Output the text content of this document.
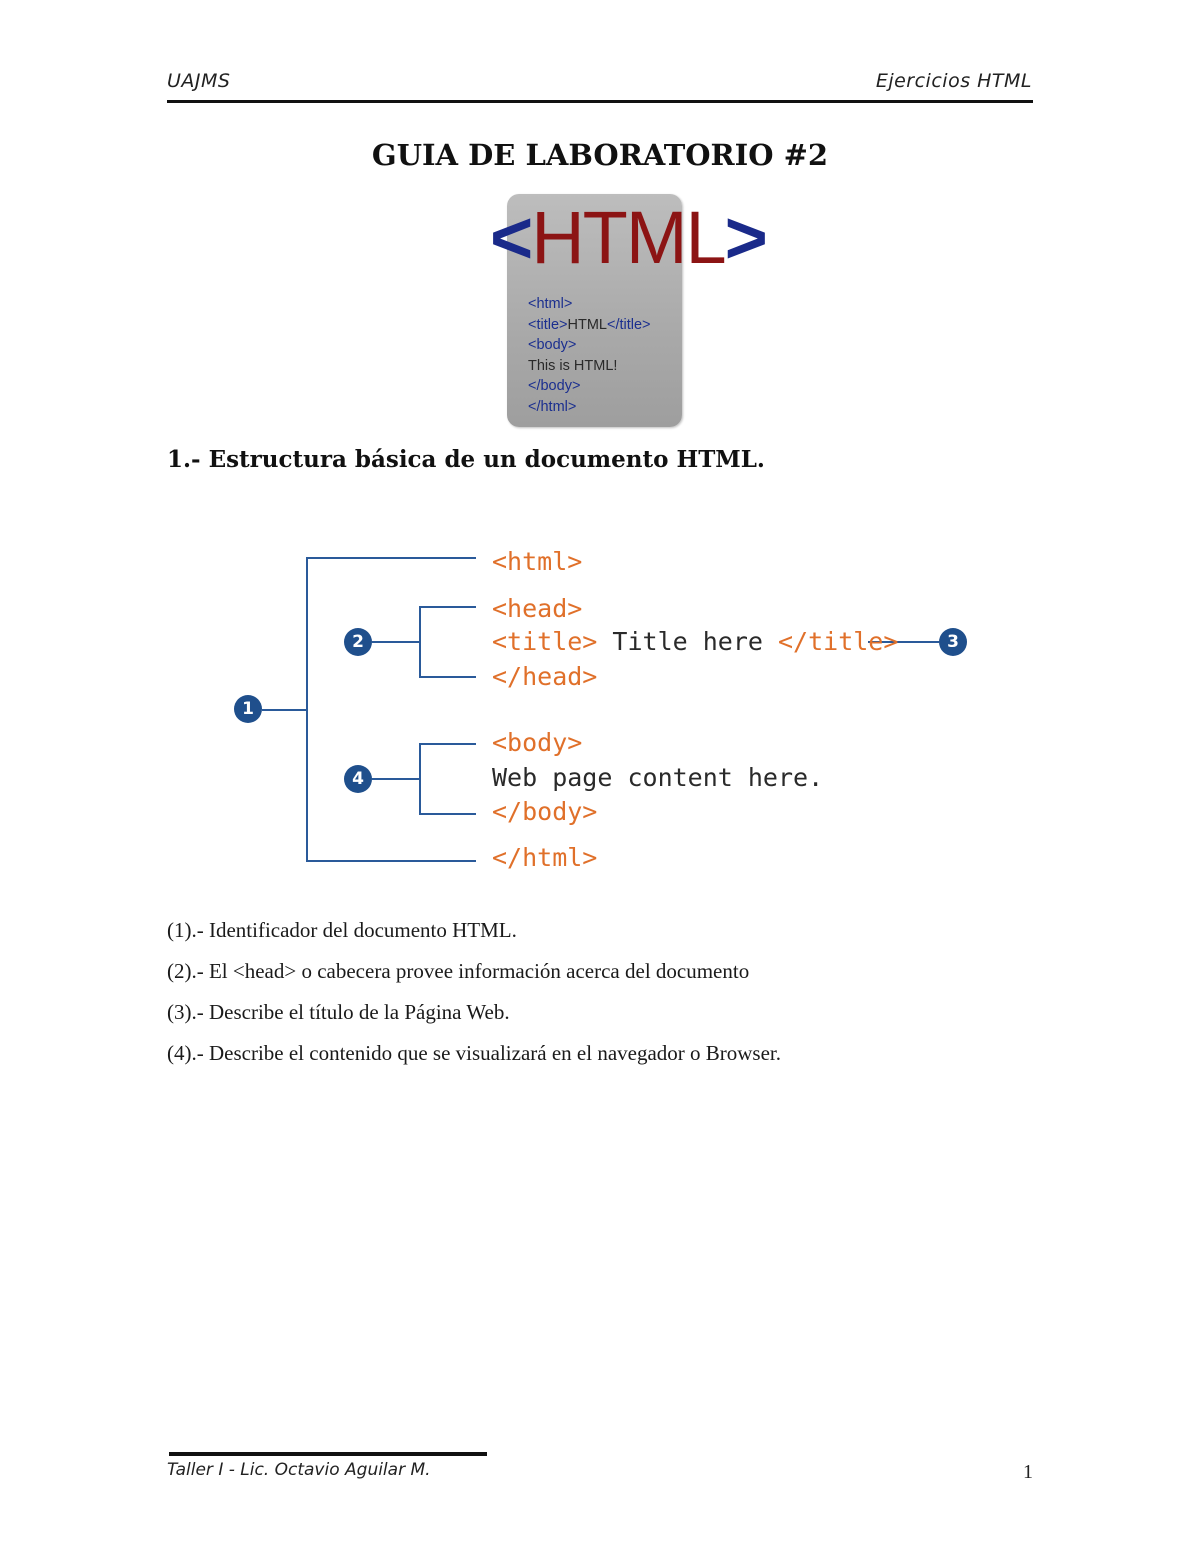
UAJMS	Ejercicios HTML
GUIA DE LABORATORIO #2
<HTML>
<html>
<title>HTML</title>
<body>
This is HTML!
</body>
</html>
1.- Estructura básica de un documento HTML.
1
2	3
4
<html>
<head>
<title> Title here </title>
</head>
<body>
Web page content here.
</body>
</html>
(1).- Identificador del documento HTML.
(2).- El <head> o cabecera provee información acerca del documento
(3).- Describe el título de la Página Web.
(4).- Describe el contenido que se visualizará en el navegador o Browser.
Taller I - Lic. Octavio Aguilar M.	1
